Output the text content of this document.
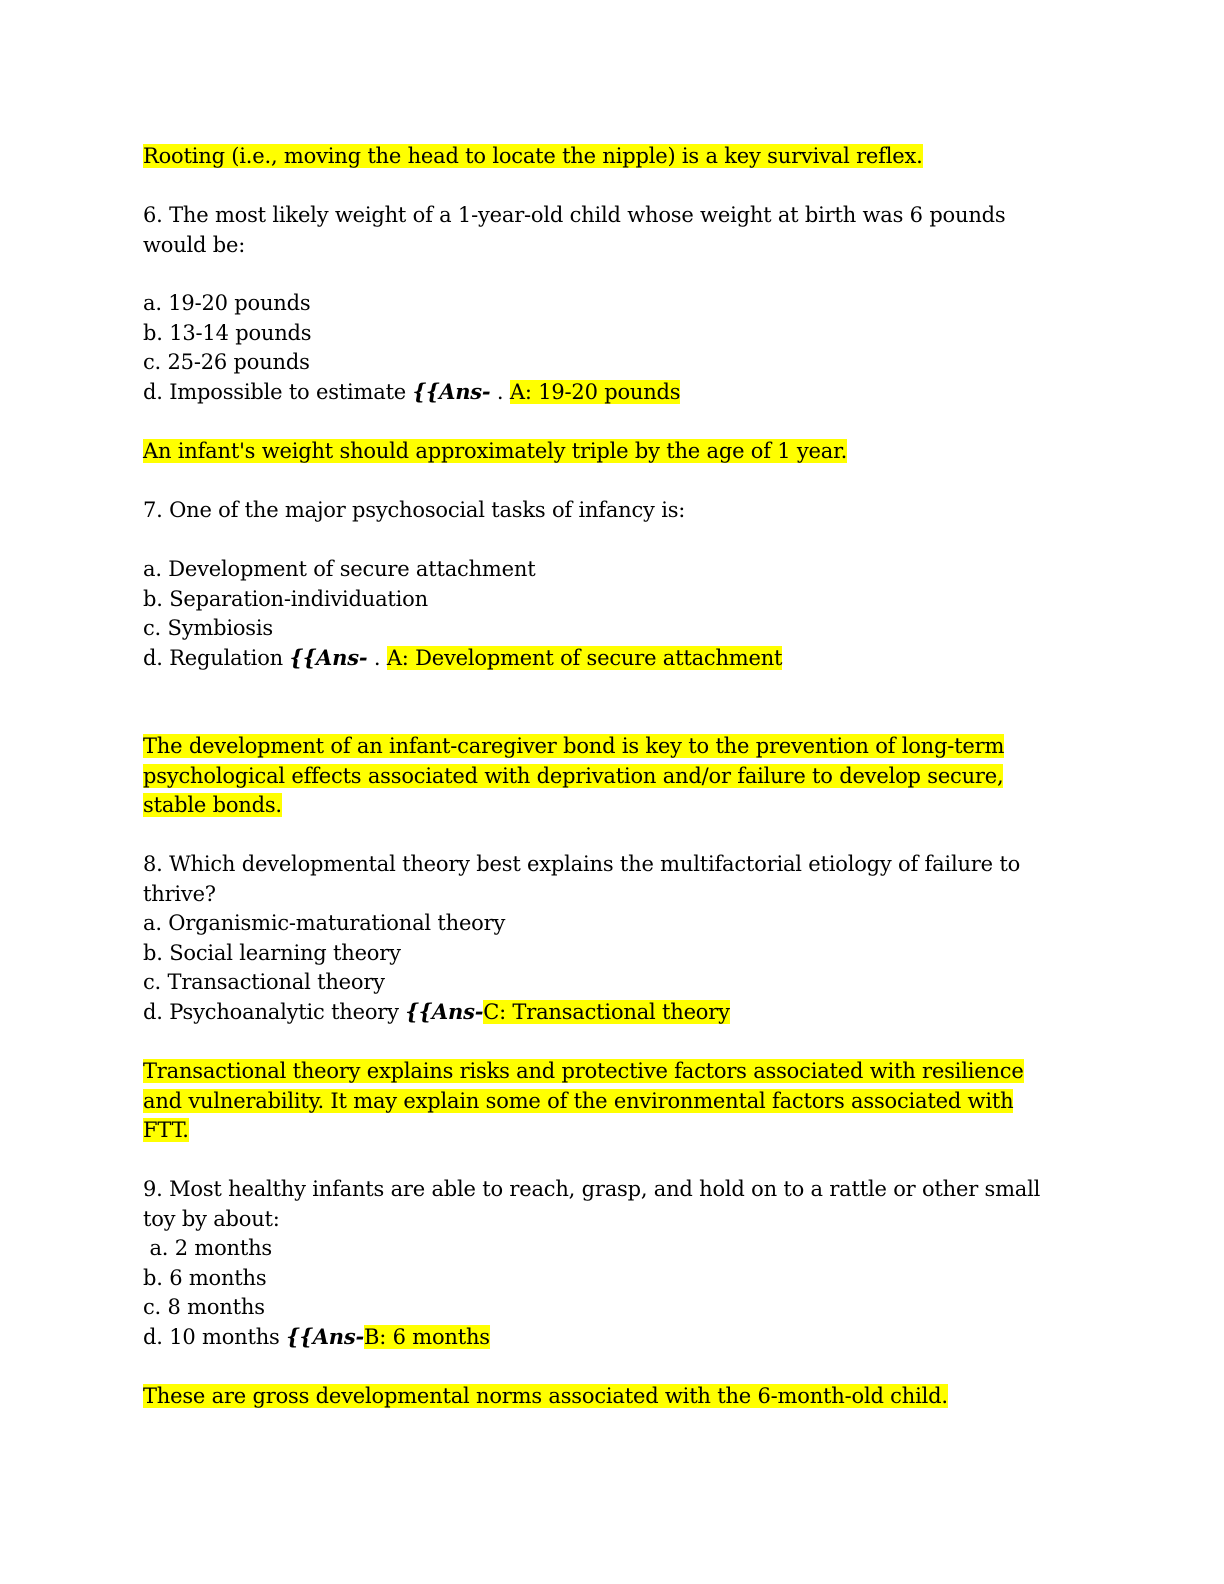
Rooting (i.e., moving the head to locate the nipple) is a key survival reflex.
6. The most likely weight of a 1-year-old child whose weight at birth was 6 pounds
would be:
a. 19-20 pounds
b. 13-14 pounds
c. 25-26 pounds
d. Impossible to estimate {{Ans- . A: 19-20 pounds
An infant's weight should approximately triple by the age of 1 year.
7. One of the major psychosocial tasks of infancy is:
a. Development of secure attachment
b. Separation-individuation
c. Symbiosis
d. Regulation {{Ans- . A: Development of secure attachment
The development of an infant-caregiver bond is key to the prevention of long-term
psychological effects associated with deprivation and/or failure to develop secure,
stable bonds.
8. Which developmental theory best explains the multifactorial etiology of failure to
thrive?
a. Organismic-maturational theory
b. Social learning theory
c. Transactional theory
d. Psychoanalytic theory {{Ans-C: Transactional theory
Transactional theory explains risks and protective factors associated with resilience
and vulnerability. It may explain some of the environmental factors associated with
FTT.
9. Most healthy infants are able to reach, grasp, and hold on to a rattle or other small
toy by about:
a. 2 months
b. 6 months
c. 8 months
d. 10 months {{Ans-B: 6 months
These are gross developmental norms associated with the 6-month-old child.
